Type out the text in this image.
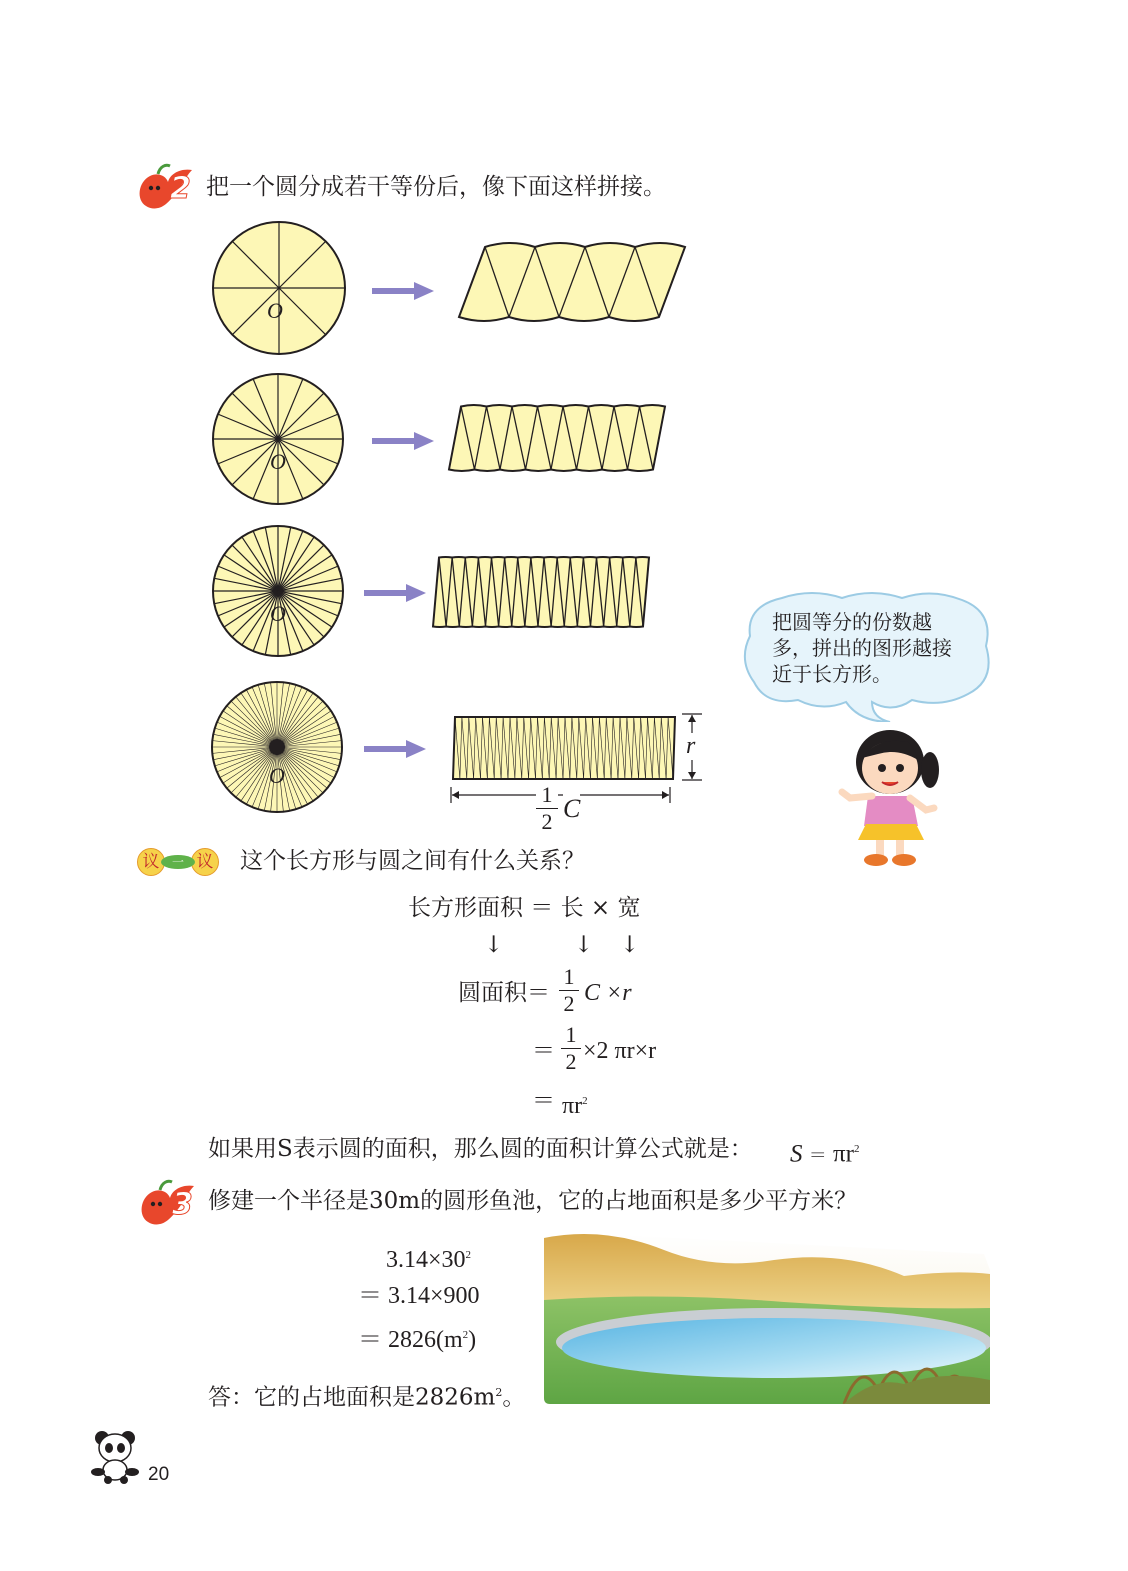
2 把一个圆分成若干等份后，像下面这样拼接。
O
O
O
O
r
1
2 C
把圆等分的份数越
多，拼出的图形越接
近于长方形。
议	一 议 这个长方形与圆之间有什么关系？
长方形面积 ＝ 长 × 宽
↓	↓ ↓
圆面积＝
1
2 C ×r
＝
1
2 ×2 πr×r
＝ $\pi r^2$
如果用S表示圆的面积，那么圆的面积计算公式就是： $S = \pi r^2$
3 修建一个半径是30m的圆形鱼池，它的占地面积是多少平方米？
$3.14\times 30^2$
＝ 3.14×900
＝ $2826(m^2)$
答：它的占地面积是$2826m^2$。
20
